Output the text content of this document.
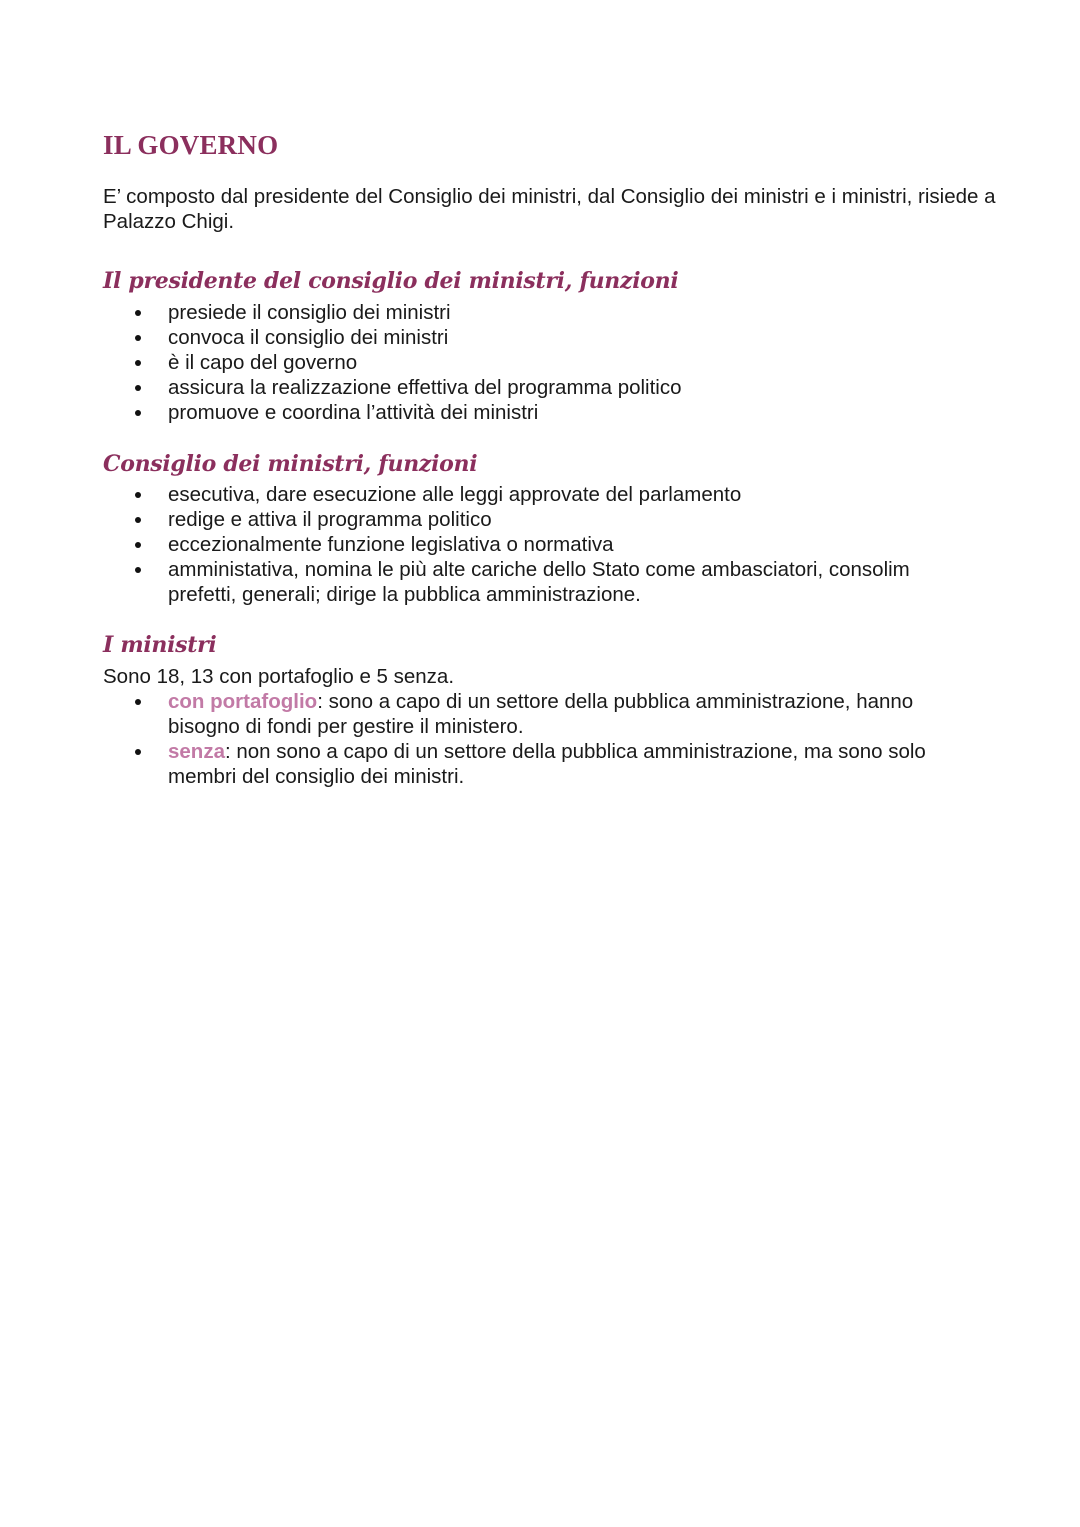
IL GOVERNO

E’ composto dal presidente del Consiglio dei ministri, dal Consiglio dei ministri e i ministri, risiede a Palazzo Chigi.

Il presidente del consiglio dei ministri, funzioni
presiede il consiglio dei ministri
convoca il consiglio dei ministri
è il capo del governo
assicura la realizzazione effettiva del programma politico
promuove e coordina l’attività dei ministri
Consiglio dei ministri, funzioni
esecutiva, dare esecuzione alle leggi approvate del parlamento
redige e attiva il programma politico
eccezionalmente funzione legislativa o normativa
amministativa, nomina le più alte cariche dello Stato come ambasciatori, consolim prefetti, generali; dirige la pubblica amministrazione.
I ministri

Sono 18, 13 con portafoglio e 5 senza.

con portafoglio: sono a capo di un settore della pubblica amministrazione, hanno bisogno di fondi per gestire il ministero.
senza: non sono a capo di un settore della pubblica amministrazione, ma sono solo membri del consiglio dei ministri.
